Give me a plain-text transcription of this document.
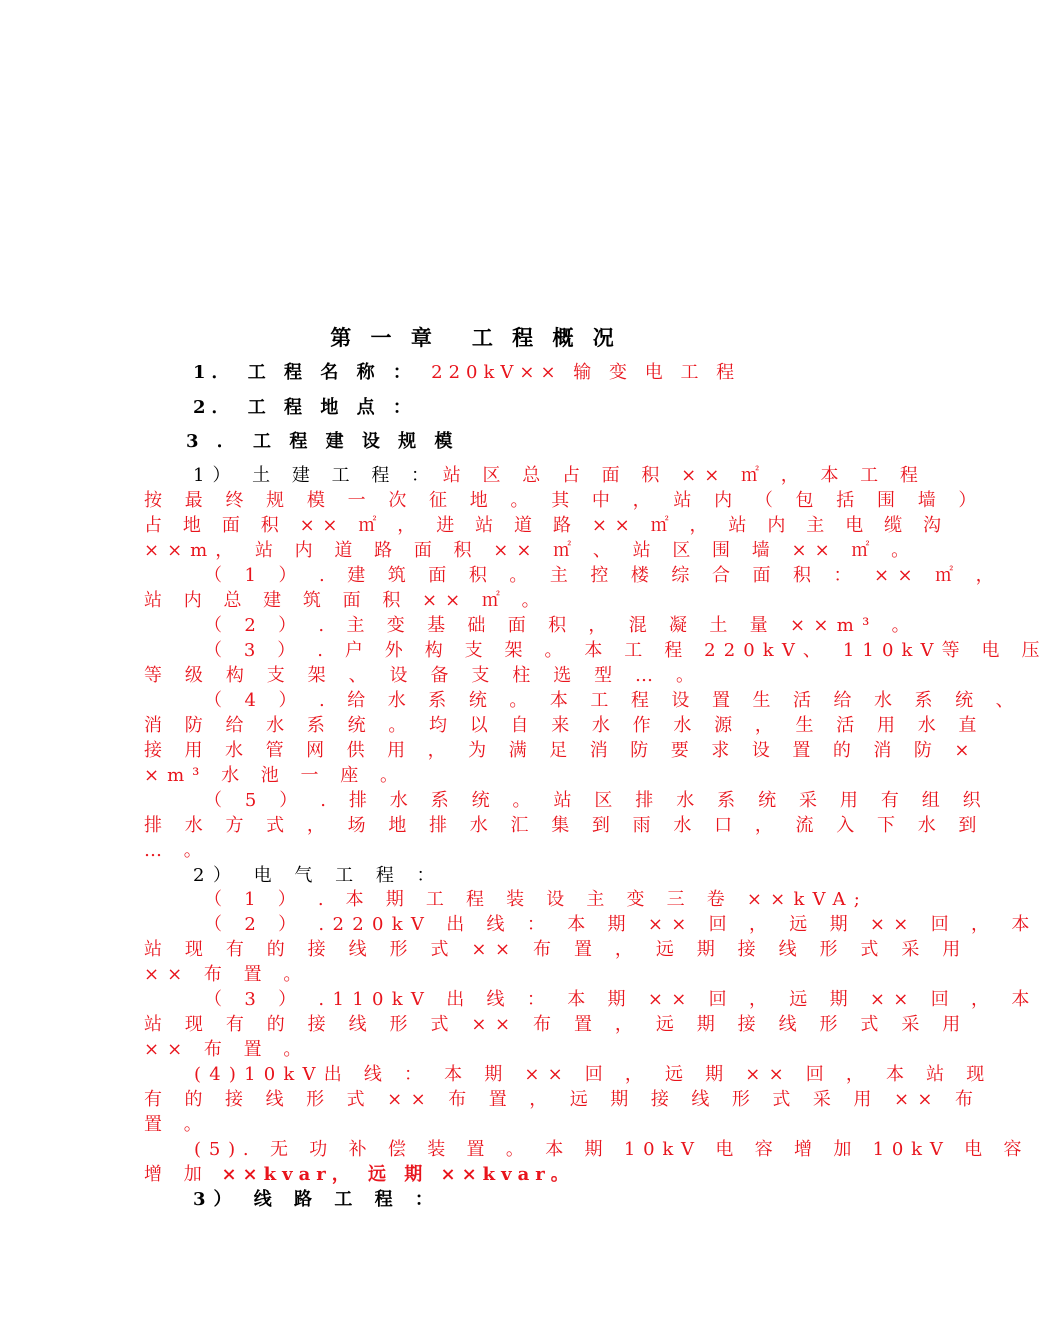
第 一 章 工 程 概 况
1． 工 程 名 称 ： 220kV×× 输 变 电 工 程
2． 工 程 地 点 ：
3 ． 工 程 建 设 规 模
1） 土 建 工 程 ： 站 区 总 占 面 积 ×× ㎡ ， 本 工 程
按 最 终 规 模 一 次 征 地 。 其 中 ， 站 内 （ 包 括 围 墙 ）
占 地 面 积 ×× ㎡ ， 进 站 道 路 ×× ㎡ ， 站 内 主 电 缆 沟
××m， 站 内 道 路 面 积 ×× ㎡ 、 站 区 围 墙 ×× ㎡ 。
（ 1 ） . 建 筑 面 积 。 主 控 楼 综 合 面 积 ： ×× ㎡ ，
站 内 总 建 筑 面 积 ×× ㎡ 。
（ 2 ） . 主 变 基 础 面 积 ， 混 凝 土 量 ××m³ 。
（ 3 ） . 户 外 构 支 架 。 本 工 程 220kV、 110kV等 电 压
等 级 构 支 架 、 设 备 支 柱 选 型 … 。
（ 4 ） . 给 水 系 统 。 本 工 程 设 置 生 活 给 水 系 统 、
消 防 给 水 系 统 。 均 以 自 来 水 作 水 源 ， 生 活 用 水 直
接 用 水 管 网 供 用 ， 为 满 足 消 防 要 求 设 置 的 消 防 ×
×m³ 水 池 一 座 。
（ 5 ） . 排 水 系 统 。 站 区 排 水 系 统 采 用 有 组 织
排 水 方 式 ， 场 地 排 水 汇 集 到 雨 水 口 ， 流 入 下 水 到
… 。
2） 电 气 工 程 ：
（ 1 ） . 本 期 工 程 装 设 主 变 三 卷 ××kVA;
（ 2 ） .220kV 出 线 ： 本 期 ×× 回 ， 远 期 ×× 回 ， 本
站 现 有 的 接 线 形 式 ×× 布 置 ， 远 期 接 线 形 式 采 用
×× 布 置 。
（ 3 ） .110kV 出 线 ： 本 期 ×× 回 ， 远 期 ×× 回 ， 本
站 现 有 的 接 线 形 式 ×× 布 置 ， 远 期 接 线 形 式 采 用
×× 布 置 。
(4)10kV出 线 ： 本 期 ×× 回 ， 远 期 ×× 回 ， 本 站 现
有 的 接 线 形 式 ×× 布 置 ， 远 期 接 线 形 式 采 用 ×× 布
置 。
(5). 无 功 补 偿 装 置 。 本 期 10kV 电 容 增 加 10kV 电 容
增 加 ××kvar， 远 期 ××kvar。
3） 线 路 工 程 ：
